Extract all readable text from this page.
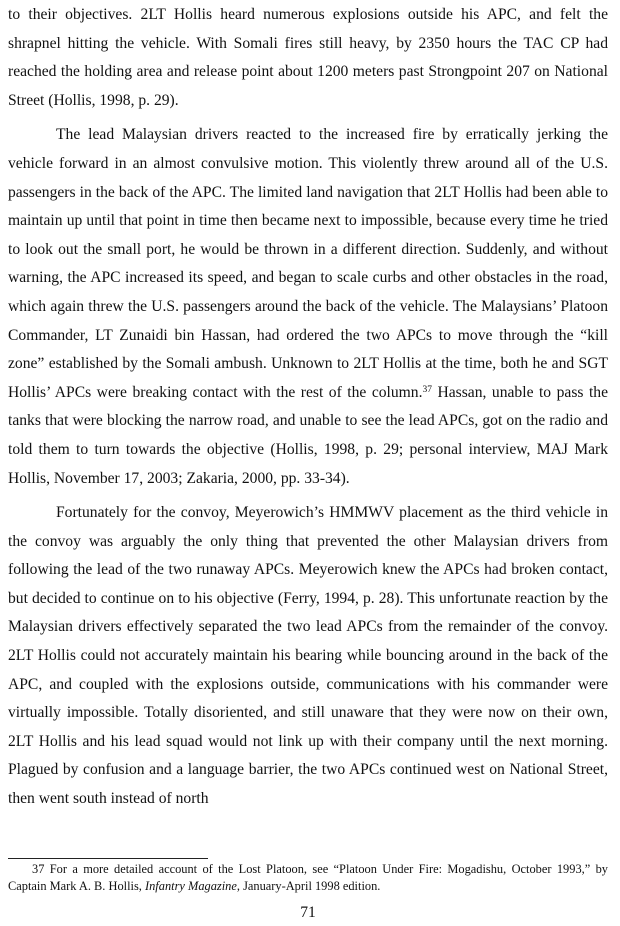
to their objectives. 2LT Hollis heard numerous explosions outside his APC, and felt the shrapnel hitting the vehicle. With Somali fires still heavy, by 2350 hours the TAC CP had reached the holding area and release point about 1200 meters past Strongpoint 207 on National Street (Hollis, 1998, p. 29).

The lead Malaysian drivers reacted to the increased fire by erratically jerking the vehicle forward in an almost convulsive motion. This violently threw around all of the U.S. passengers in the back of the APC. The limited land navigation that 2LT Hollis had been able to maintain up until that point in time then became next to impossible, because every time he tried to look out the small port, he would be thrown in a different direction. Suddenly, and without warning, the APC increased its speed, and began to scale curbs and other obstacles in the road, which again threw the U.S. passengers around the back of the vehicle. The Malaysians’ Platoon Commander, LT Zunaidi bin Hassan, had ordered the two APCs to move through the “kill zone” established by the Somali ambush. Unknown to 2LT Hollis at the time, both he and SGT Hollis’ APCs were breaking contact with the rest of the column.$^{37}$ Hassan, unable to pass the tanks that were blocking the narrow road, and unable to see the lead APCs, got on the radio and told them to turn towards the objective (Hollis, 1998, p. 29; personal interview, MAJ Mark Hollis, November 17, 2003; Zakaria, 2000, pp. 33-34).

Fortunately for the convoy, Meyerowich’s HMMWV placement as the third vehicle in the convoy was arguably the only thing that prevented the other Malaysian drivers from following the lead of the two runaway APCs. Meyerowich knew the APCs had broken contact, but decided to continue on to his objective (Ferry, 1994, p. 28). This unfortunate reaction by the Malaysian drivers effectively separated the two lead APCs from the remainder of the convoy. 2LT Hollis could not accurately maintain his bearing while bouncing around in the back of the APC, and coupled with the explosions outside, communications with his commander were virtually impossible. Totally disoriented, and still unaware that they were now on their own, 2LT Hollis and his lead squad would not link up with their company until the next morning. Plagued by confusion and a language barrier, the two APCs continued west on National Street, then went south instead of north

37 For a more detailed account of the Lost Platoon, see “Platoon Under Fire: Mogadishu, October 1993,” by Captain Mark A. B. Hollis, Infantry Magazine, January-April 1998 edition.

71
